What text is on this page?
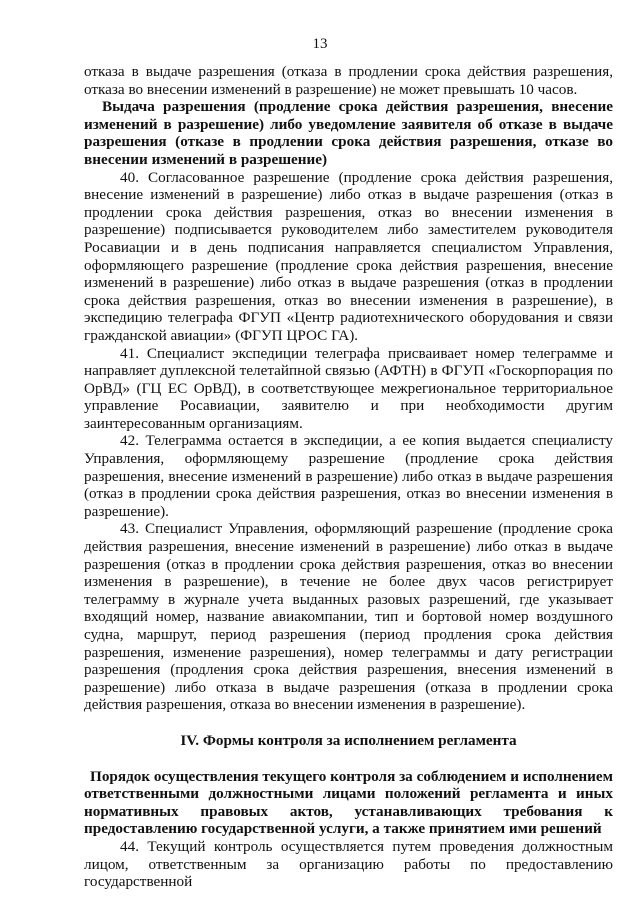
13

отказа в выдаче разрешения (отказа в продлении срока действия разрешения, отказа во внесении изменений в разрешение) не может превышать 10 часов.

Выдача разрешения (продление срока действия разрешения, внесение изменений в разрешение) либо уведомление заявителя об отказе в выдаче разрешения (отказе в продлении срока действия разрешения, отказе во внесении изменений в разрешение)

40. Согласованное разрешение (продление срока действия разрешения, внесение изменений в разрешение) либо отказ в выдаче разрешения (отказ в продлении срока действия разрешения, отказ во внесении изменения в разрешение) подписывается руководителем либо заместителем руководителя Росавиации и в день подписания направляется специалистом Управления, оформляющего разрешение (продление срока действия разрешения, внесение изменений в разрешение) либо отказ в выдаче разрешения (отказ в продлении срока действия разрешения, отказ во внесении изменения в разрешение), в экспедицию телеграфа ФГУП «Центр радиотехнического оборудования и связи гражданской авиации» (ФГУП ЦРОС ГА).

41. Специалист экспедиции телеграфа присваивает номер телеграмме и направляет дуплексной телетайпной связью (АФТН) в ФГУП «Госкорпорация по ОрВД» (ГЦ ЕС ОрВД), в соответствующее межрегиональное территориальное управление Росавиации, заявителю и при необходимости другим заинтересованным организациям.

42. Телеграмма остается в экспедиции, а ее копия выдается специалисту Управления, оформляющему разрешение (продление срока действия разрешения, внесение изменений в разрешение) либо отказ в выдаче разрешения (отказ в продлении срока действия разрешения, отказ во внесении изменения в разрешение).

43. Специалист Управления, оформляющий разрешение (продление срока действия разрешения, внесение изменений в разрешение) либо отказ в выдаче разрешения (отказ в продлении срока действия разрешения, отказ во внесении изменения в разрешение), в течение не более двух часов регистрирует телеграмму в журнале учета выданных разовых разрешений, где указывает входящий номер, название авиакомпании, тип и бортовой номер воздушного судна, маршрут, период разрешения (период продления срока действия разрешения, изменение разрешения), номер телеграммы и дату регистрации разрешения (продления срока действия разрешения, внесения изменений в разрешение) либо отказа в выдаче разрешения (отказа в продлении срока действия разрешения, отказа во внесении изменения в разрешение).

IV. Формы контроля за исполнением регламента

Порядок осуществления текущего контроля за соблюдением и исполнением ответственными должностными лицами положений регламента и иных нормативных правовых актов, устанавливающих требования к предоставлению государственной услуги, а также принятием ими решений

44. Текущий контроль осуществляется путем проведения должностным лицом, ответственным за организацию работы по предоставлению государственной
